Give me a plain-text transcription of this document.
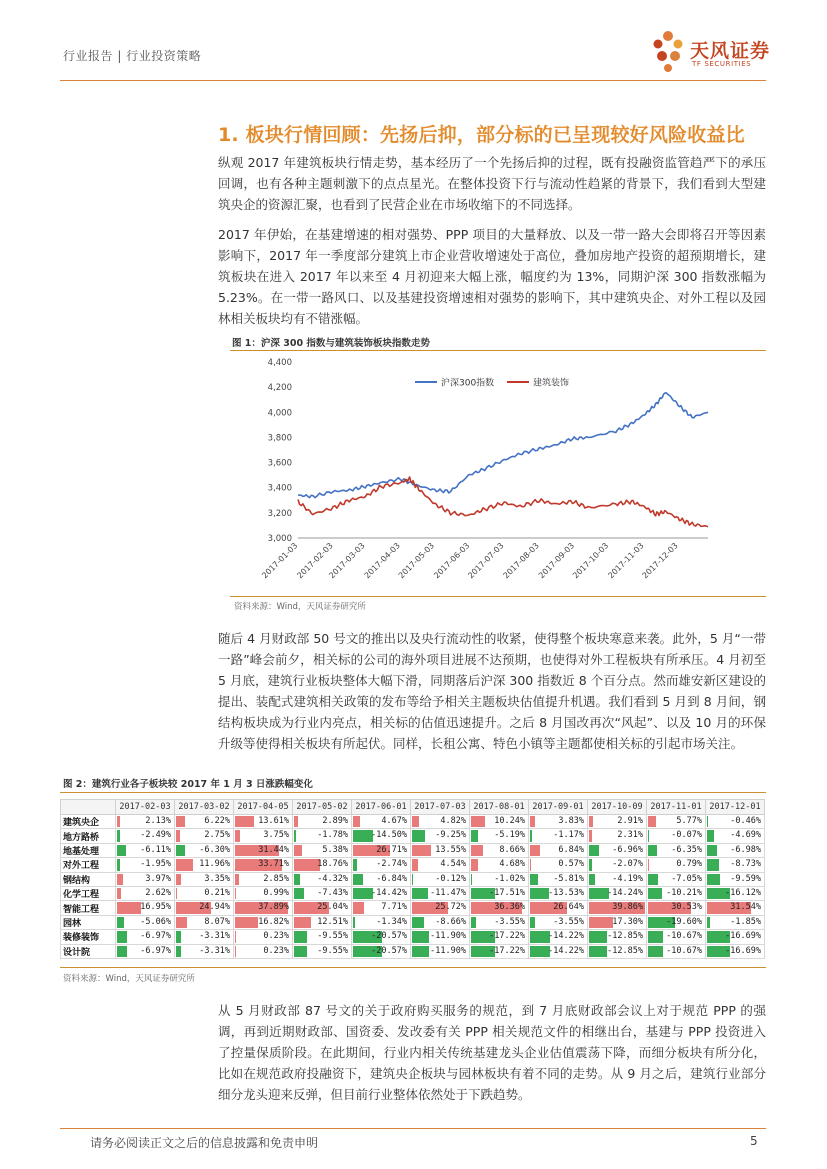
行业报告 | 行业投资策略	天风证券
TF SECURITIES
1. 板块行情回顾：先扬后抑，部分标的已呈现较好风险收益比
纵观 2017 年建筑板块行情走势，基本经历了一个先扬后抑的过程，既有投融资监管趋严下的承压回调，也有各种主题刺激下的点点星光。在整体投资下行与流动性趋紧的背景下，我们看到大型建筑央企的资源汇聚，也看到了民营企业在市场收缩下的不同选择。
2017 年伊始，在基建增速的相对强势、PPP 项目的大量释放、以及一带一路大会即将召开等因素影响下，2017 年一季度部分建筑上市企业营收增速处于高位，叠加房地产投资的超预期增长，建筑板块在进入 2017 年以来至 4 月初迎来大幅上涨，幅度约为 13%，同期沪深 300 指数涨幅为 5.23%。在一带一路风口、以及基建投资增速相对强势的影响下，其中建筑央企、对外工程以及园林相关板块均有不错涨幅。
图 1：沪深 300 指数与建筑装饰板块指数走势
3,000
3,200
3,400
3,600
3,800
4,000
4,200
4,400
2017-01-03
2017-02-03
2017-03-03
2017-04-03
2017-05-03
2017-06-03
2017-07-03
2017-08-03
2017-09-03
2017-10-03
2017-11-03
2017-12-03
沪深300指数	建筑装饰
资料来源：Wind，天风证券研究所
随后 4 月财政部 50 号文的推出以及央行流动性的收紧，使得整个板块寒意来袭。此外，5 月“一带一路”峰会前夕，相关标的公司的海外项目进展不达预期，也使得对外工程板块有所承压。4 月初至 5 月底，建筑行业板块整体大幅下滑，同期落后沪深 300 指数近 8 个百分点。然而雄安新区建设的提出、装配式建筑相关政策的发布等给予相关主题板块估值提升机遇。我们看到 5 月到 8 月间，钢结构板块成为行业内亮点，相关标的估值迅速提升。之后 8 月国改再次“风起”、以及 10 月的环保升级等使得相关板块有所起伏。同样，长租公寓、特色小镇等主题都使相关标的引起市场关注。
图 2：建筑行业各子板块较 2017 年 1 月 3 日涨跌幅变化
	2017-02-03	2017-03-02	2017-04-05	2017-05-02	2017-06-01	2017-07-03	2017-08-01	2017-09-01	2017-10-09	2017-11-01	2017-12-01
建筑央企	2.13%	6.22%	13.61%	2.89%	4.67%	4.82%	10.24%	3.83%	2.91%	5.77%	-0.46%

地方路桥	-2.49%	2.75%	3.75%	-1.78%	-14.50%	-9.25%	-5.19%	-1.17%	2.31%	-0.07%	-4.69%

地基处理	-6.11%	-6.30%	31.44%	5.38%	26.71%	13.55%	8.66%	6.84%	-6.96%	-6.35%	-6.98%

对外工程	-1.95%	11.96%	33.71%	18.76%	-2.74%	4.54%	4.68%	0.57%	-2.07%	0.79%	-8.73%

钢结构	3.97%	3.35%	2.85%	-4.32%	-6.84%	-0.12%	-1.02%	-5.81%	-4.19%	-7.05%	-9.59%

化学工程	2.62%	0.21%	0.99%	-7.43%	-14.42%	-11.47%	-17.51%	-13.53%	-14.24%	-10.21%	-16.12%

智能工程	16.95%	24.94%	37.89%	25.04%	7.71%	25.72%	36.36%	26.64%	39.86%	30.53%	31.54%

园林	-5.06%	8.07%	16.82%	12.51%	-1.34%	-8.66%	-3.55%	-3.55%	17.30%	-19.60%	-1.85%

装修装饰	-6.97%	-3.31%	0.23%	-9.55%	-20.57%	-11.90%	-17.22%	-14.22%	-12.85%	-10.67%	-16.69%

设计院	-6.97%	-3.31%	0.23%	-9.55%	-20.57%	-11.90%	-17.22%	-14.22%	-12.85%	-10.67%	-16.69%
资料来源：Wind，天风证券研究所
从 5 月财政部 87 号文的关于政府购买服务的规范，到 7 月底财政部会议上对于规范 PPP 的强调，再到近期财政部、国资委、发改委有关 PPP 相关规范文件的相继出台，基建与 PPP 投资进入了控量保质阶段。在此期间，行业内相关传统基建龙头企业估值震荡下降，而细分板块有所分化，比如在规范政府投融资下，建筑央企板块与园林板块有着不同的走势。从 9 月之后，建筑行业部分细分龙头迎来反弹，但目前行业整体依然处于下跌趋势。
请务必阅读正文之后的信息披露和免责申明	5
